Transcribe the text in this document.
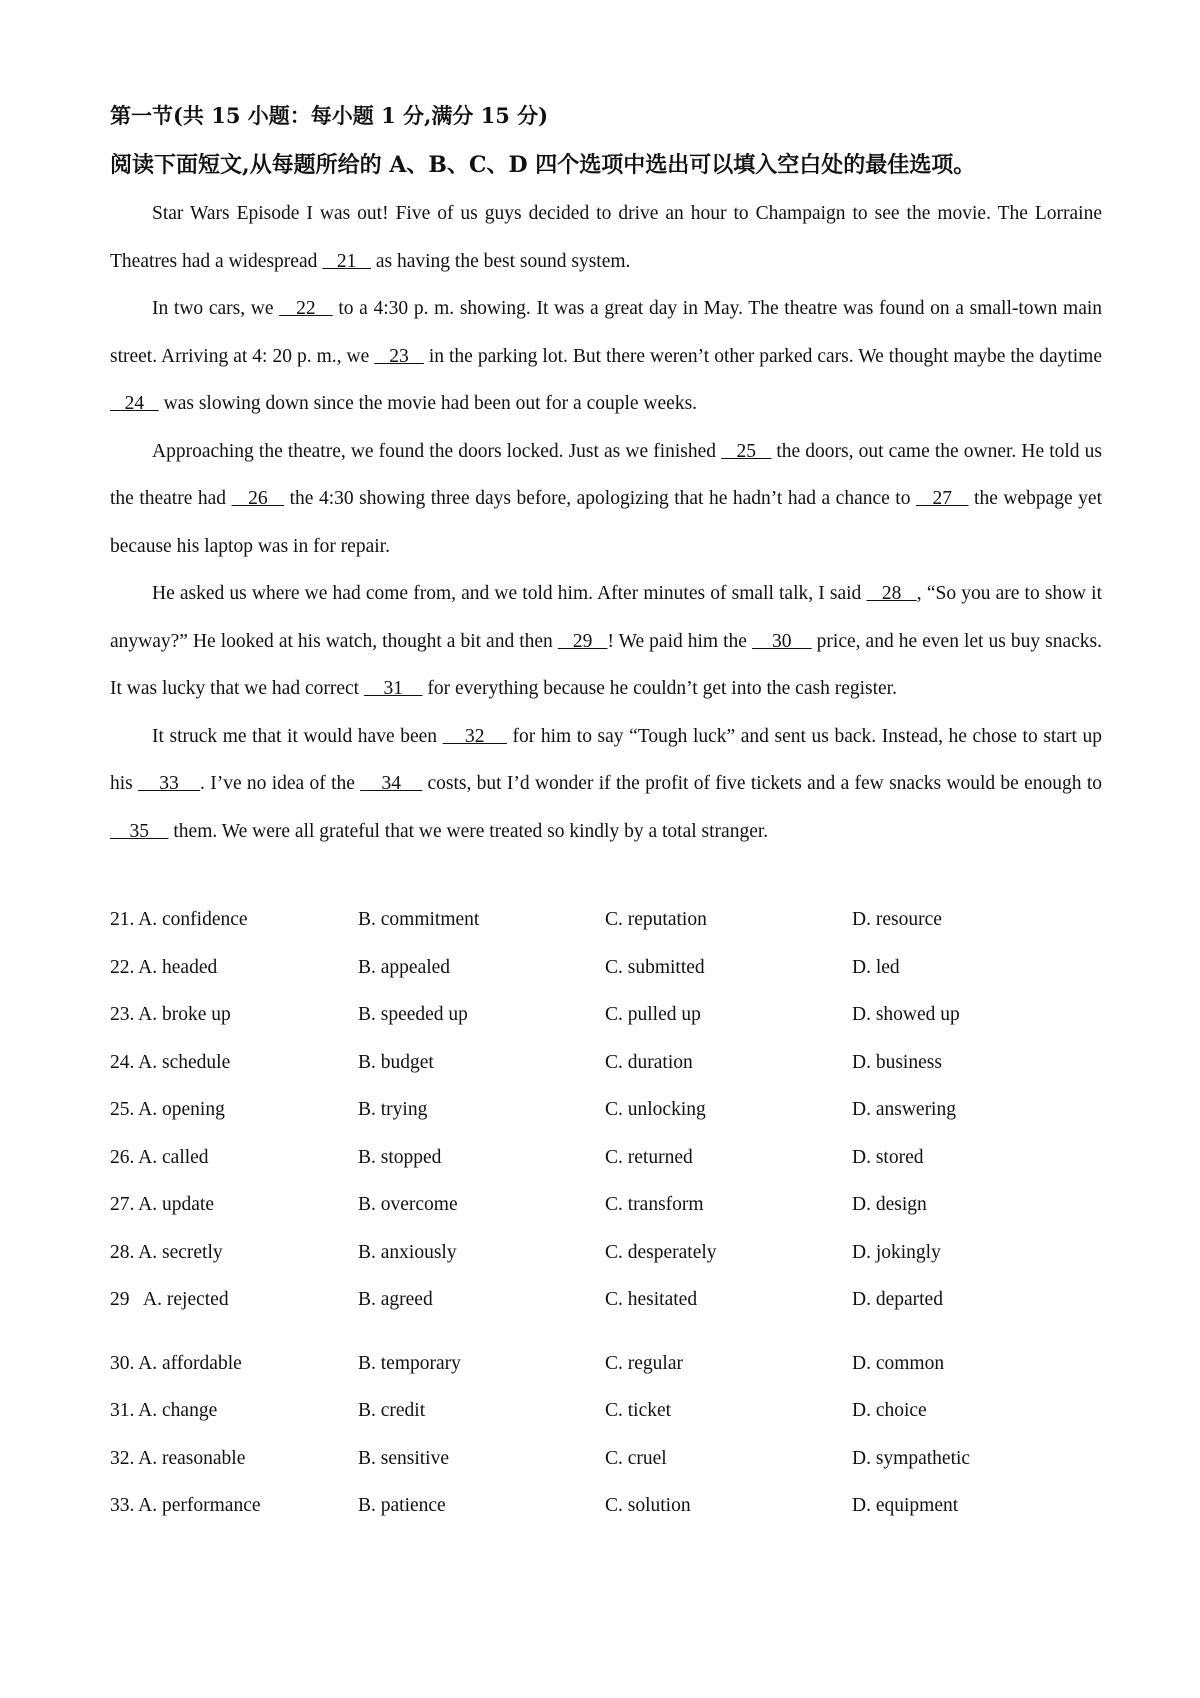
第一节(共 15 小题：每小题 1 分,满分 15 分)
阅读下面短文,从每题所给的 A、B、C、D 四个选项中选出可以填入空白处的最佳选项。

Star Wars Episode I was out! Five of us guys decided to drive an hour to Champaign to see the movie. The Lorraine Theatres had a widespread    21    as having the best sound system.

In two cars, we    22    to a 4:30 p. m. showing. It was a great day in May. The theatre was found on a small-town main street. Arriving at 4: 20 p. m., we    23    in the parking lot. But there weren’t other parked cars. We thought maybe the daytime    24    was slowing down since the movie had been out for a couple weeks.

Approaching the theatre, we found the doors locked. Just as we finished    25    the doors, out came the owner. He told us the theatre had    26    the 4:30 showing three days before, apologizing that he hadn’t had a chance to    27    the webpage yet because his laptop was in for repair.

He asked us where we had come from, and we told him. After minutes of small talk, I said    28   , “So you are to show it anyway?” He looked at his watch, thought a bit and then    29   ! We paid him the     30     price, and he even let us buy snacks. It was lucky that we had correct     31     for everything because he couldn’t get into the cash register.

It struck me that it would have been     32     for him to say “Tough luck” and sent us back. Instead, he chose to start up his     33    . I’ve no idea of the     34     costs, but I’d wonder if the profit of five tickets and a few snacks would be enough to     35     them. We were all grateful that we were treated so kindly by a total stranger.

21. A. confidence	B. commitment	C. reputation	D. resource
22. A. headed	B. appealed	C. submitted	D. led
23. A. broke up	B. speeded up	C. pulled up	D. showed up
24. A. schedule	B. budget	C. duration	D. business
25. A. opening	B. trying	C. unlocking	D. answering
26. A. called	B. stopped	C. returned	D. stored
27. A. update	B. overcome	C. transform	D. design
28. A. secretly	B. anxiously	C. desperately	D. jokingly
29   A. rejected	B. agreed	C. hesitated	D. departed
30. A. affordable	B. temporary	C. regular	D. common
31. A. change	B. credit	C. ticket	D. choice
32. A. reasonable	B. sensitive	C. cruel	D. sympathetic
33. A. performance	B. patience	C. solution	D. equipment
